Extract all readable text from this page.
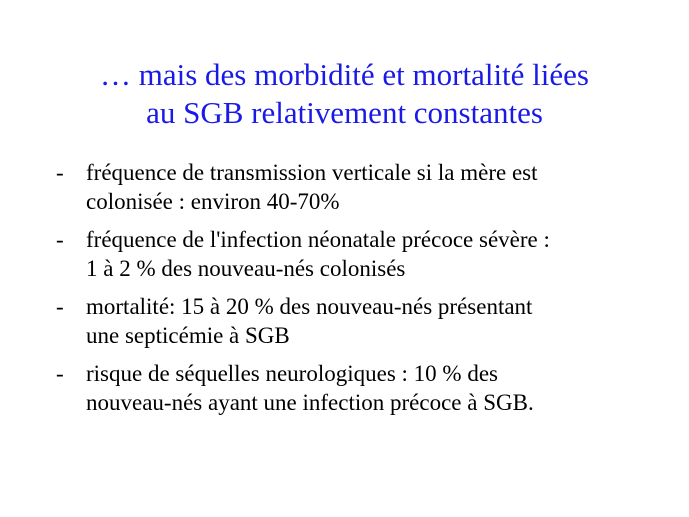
… mais des morbidité et mortalité liées
au SGB relativement constantes
- fréquence de transmission verticale si la mère est
colonisée : environ 40-70%
- fréquence de l'infection néonatale précoce sévère :
1 à 2 % des nouveau-nés colonisés
- mortalité: 15 à 20 % des nouveau-nés présentant
une septicémie à SGB
- risque de séquelles neurologiques : 10 % des
nouveau-nés ayant une infection précoce à SGB.
